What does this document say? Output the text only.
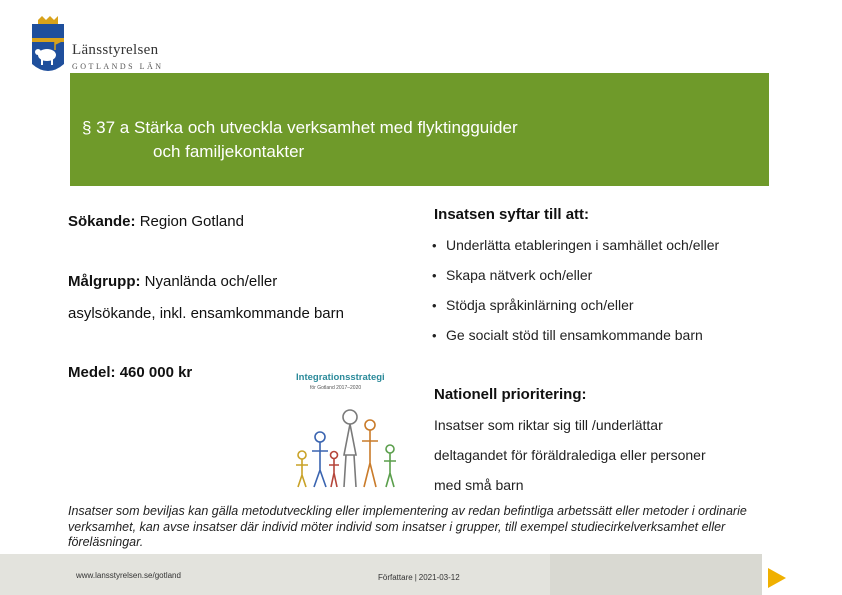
Länsstyrelsen
GOTLANDS LÄN
§ 37 a Stärka och utveckla verksamhet med flyktingguider
och familjekontakter
Sökande: Region Gotland
Målgrupp: Nyanlända och/eller
asylsökande, inkl. ensamkommande barn
Medel: 460 000 kr	Integrationsstrategi
för Gotland 2017–2020
Insatsen syftar till att:
• Underlätta etableringen i samhället och/eller
• Skapa nätverk och/eller
• Stödja språkinlärning och/eller
• Ge socialt stöd till ensamkommande barn
Nationell prioritering:
Insatser som riktar sig till /underlättar
deltagandet för föräldralediga eller personer
med små barn
Insatser som beviljas kan gälla metodutveckling eller implementering av redan befintliga arbetssätt eller metoder i ordinarie verksamhet, kan avse insatser där individ möter individ som insatser i grupper, till exempel studiecirkelverksamhet eller föreläsningar.
www.lansstyrelsen.se/gotland	Författare | 2021-03-12
